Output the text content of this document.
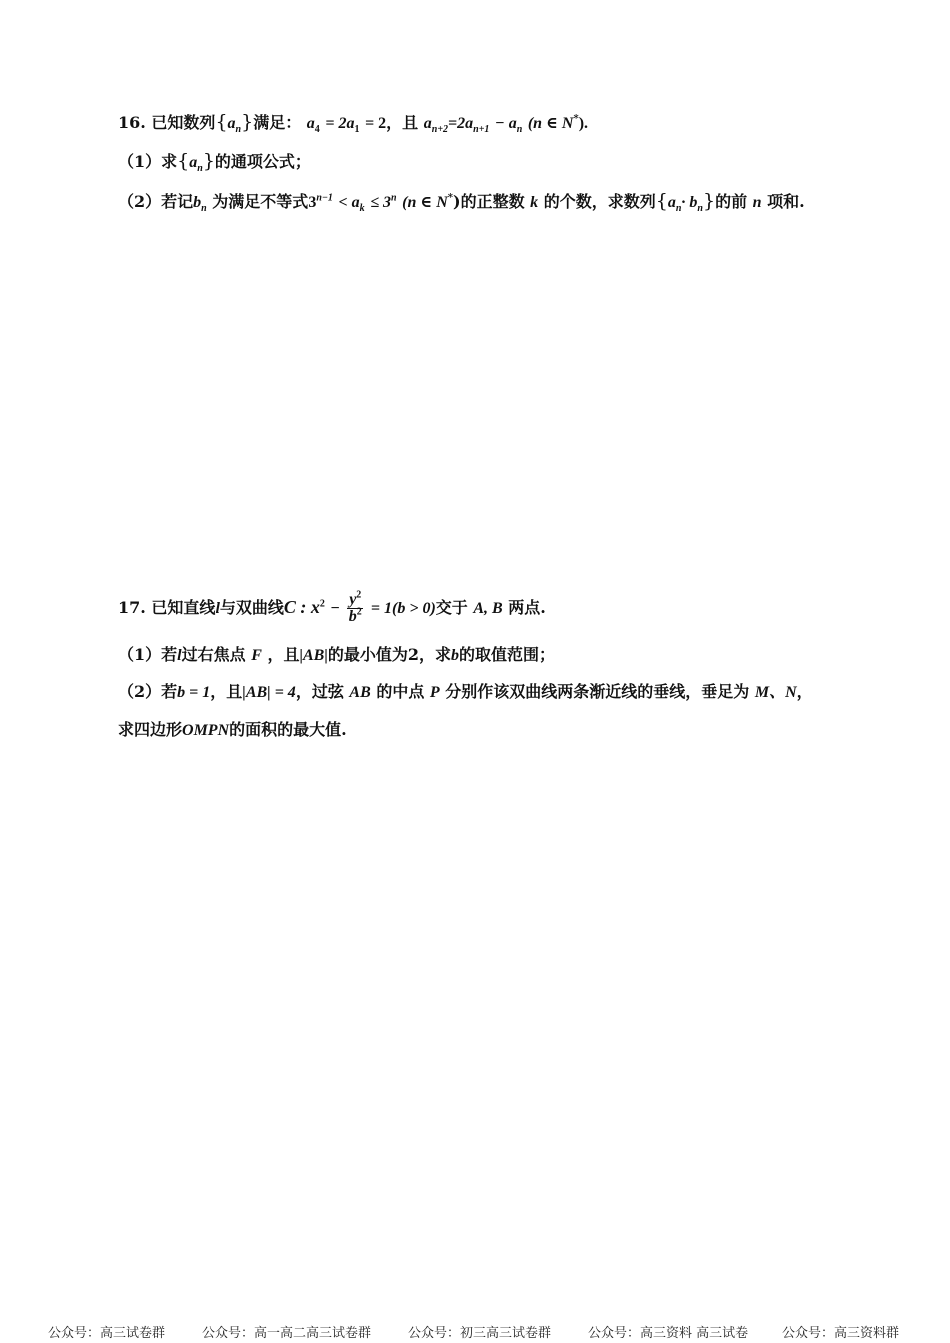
16. 已知数列$\{a_n\}$满足： $a_4 = 2a_1 = 2$，且 $a_{n+2}=2a_{n+1} - a_n$ (n ∈ N*).
（1）求$\{a_n\}$的通项公式；
（2）若记$b_n$ 为满足不等式$3^{n-1} < a_k \le 3^n$ (n ∈ N*)的正整数 k 的个数，求数列$\{a_n\cdot b_n\}$的前 n 项和.
17. 已知直线l与双曲线C : $x^2 - \frac{y^2}{b^2} = 1(b > 0)$交于 A, B 两点.
（1）若l过右焦点 F ，且|AB|的最小值为2，求b的取值范围；
（2）若b = 1，且|AB| = 4，过弦 AB 的中点 P 分别作该双曲线两条渐近线的垂线，垂足为 M、N，
求四边形OMPN的面积的最大值.
公众号：高三试卷群	公众号：高一高二高三试卷群	公众号：初三高三试卷群	公众号：高三资料 高三试卷	公众号：高三资料群
